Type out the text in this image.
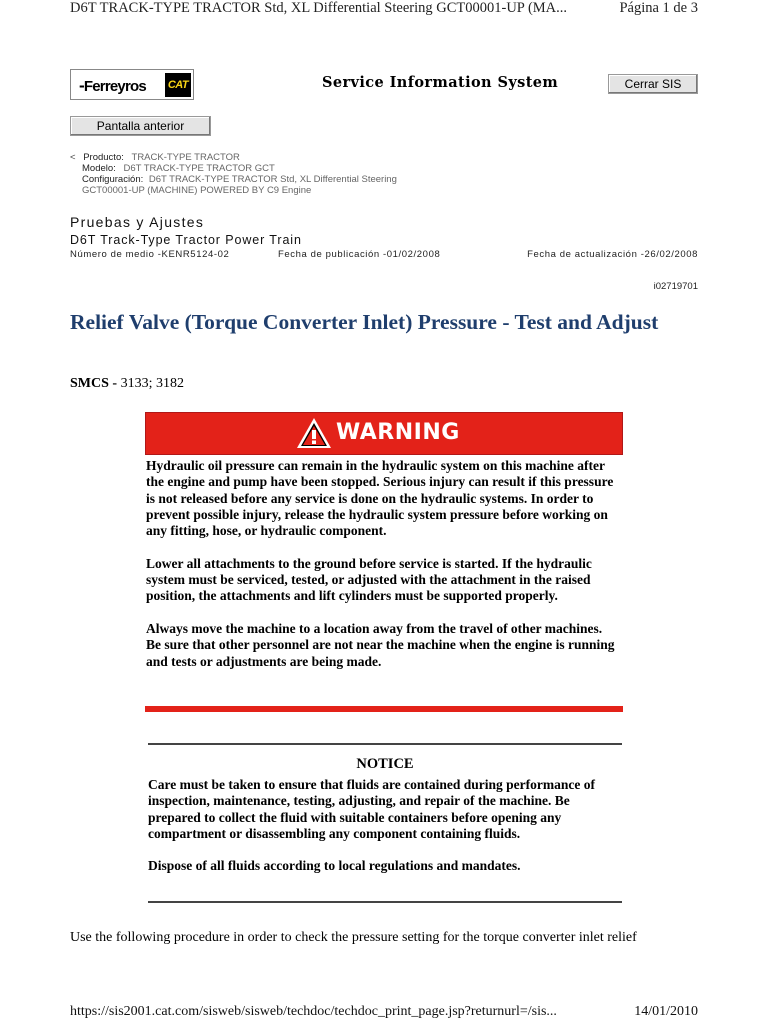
D6T TRACK-TYPE TRACTOR Std, XL Differential Steering GCT00001-UP (MA...	Página 1 de 3
-Ferreyros CAT	Service Information System	Cerrar SIS
Pantalla anterior
< Producto: TRACK-TYPE TRACTOR
Modelo: D6T TRACK-TYPE TRACTOR GCT
Configuración: D6T TRACK-TYPE TRACTOR Std, XL Differential Steering
GCT00001-UP (MACHINE) POWERED BY C9 Engine
Pruebas y Ajustes
D6T Track-Type Tractor Power Train
Número de medio -KENR5124-02	Fecha de publicación -01/02/2008	Fecha de actualización -26/02/2008
i02719701
Relief Valve (Torque Converter Inlet) Pressure - Test and Adjust
SMCS - 3133; 3182
WARNING

Hydraulic oil pressure can remain in the hydraulic system on this machine after the engine and pump have been stopped. Serious injury can result if this pressure is not released before any service is done on the hydraulic systems. In order to prevent possible injury, release the hydraulic system pressure before working on any fitting, hose, or hydraulic component.

Lower all attachments to the ground before service is started. If the hydraulic system must be serviced, tested, or adjusted with the attachment in the raised position, the attachments and lift cylinders must be supported properly.

Always move the machine to a location away from the travel of other machines. Be sure that other personnel are not near the machine when the engine is running and tests or adjustments are being made.

NOTICE

Care must be taken to ensure that fluids are contained during performance of inspection, maintenance, testing, adjusting, and repair of the machine. Be prepared to collect the fluid with suitable containers before opening any compartment or disassembling any component containing fluids.

Dispose of all fluids according to local regulations and mandates.

Use the following procedure in order to check the pressure setting for the torque converter inlet relief
https://sis2001.cat.com/sisweb/sisweb/techdoc/techdoc_print_page.jsp?returnurl=/sis...	14/01/2010
